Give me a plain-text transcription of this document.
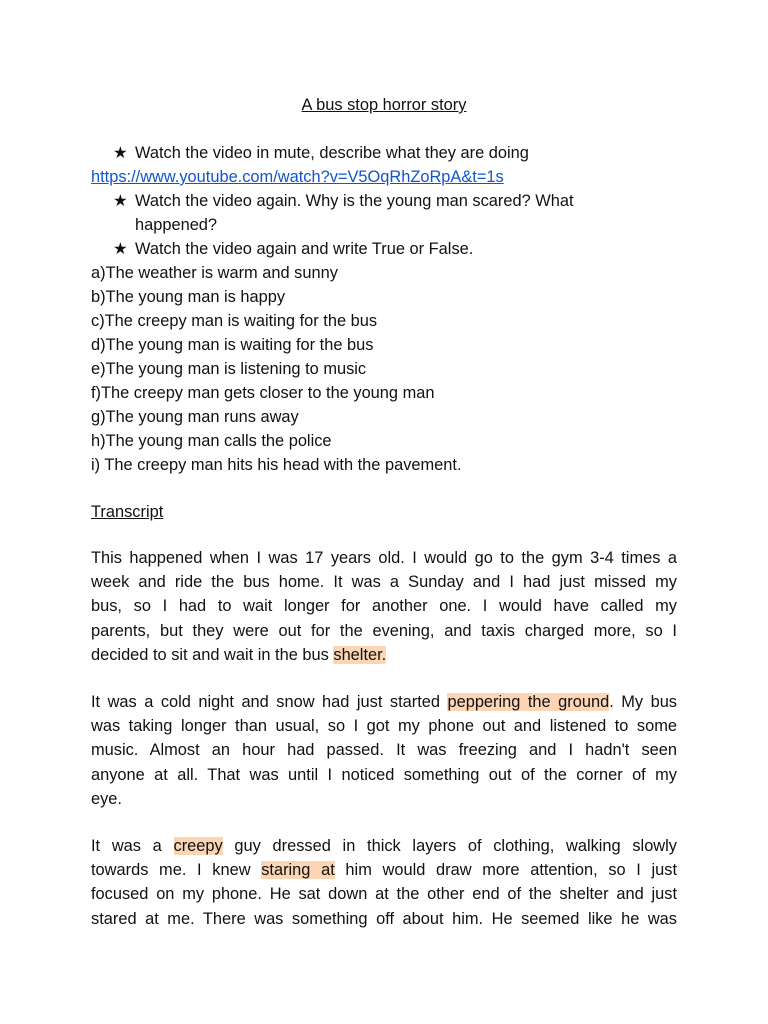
A bus stop horror story
★ Watch the video in mute, describe what they are doing
https://www.youtube.com/watch?v=V5OqRhZoRpA&t=1s
★ Watch the video again. Why is the young man scared? What
happened?
★ Watch the video again and write True or False.
a)The weather is warm and sunny
b)The young man is happy
c)The creepy man is waiting for the bus
d)The young man is waiting for the bus
e)The young man is listening to music
f)The creepy man gets closer to the young man
g)The young man runs away
h)The young man calls the police
i) The creepy man hits his head with the pavement.
Transcript
This happened when I was 17 years old. I would go to the gym 3-4 times a
week and ride the bus home. It was a Sunday and I had just missed my
bus, so I had to wait longer for another one. I would have called my
parents, but they were out for the evening, and taxis charged more, so I
decided to sit and wait in the bus shelter.
It was a cold night and snow had just started peppering the ground. My bus
was taking longer than usual, so I got my phone out and listened to some
music. Almost an hour had passed. It was freezing and I hadn't seen
anyone at all. That was until I noticed something out of the corner of my
eye.
It was a creepy guy dressed in thick layers of clothing, walking slowly
towards me. I knew staring at him would draw more attention, so I just
focused on my phone. He sat down at the other end of the shelter and just
stared at me. There was something off about him. He seemed like he was
